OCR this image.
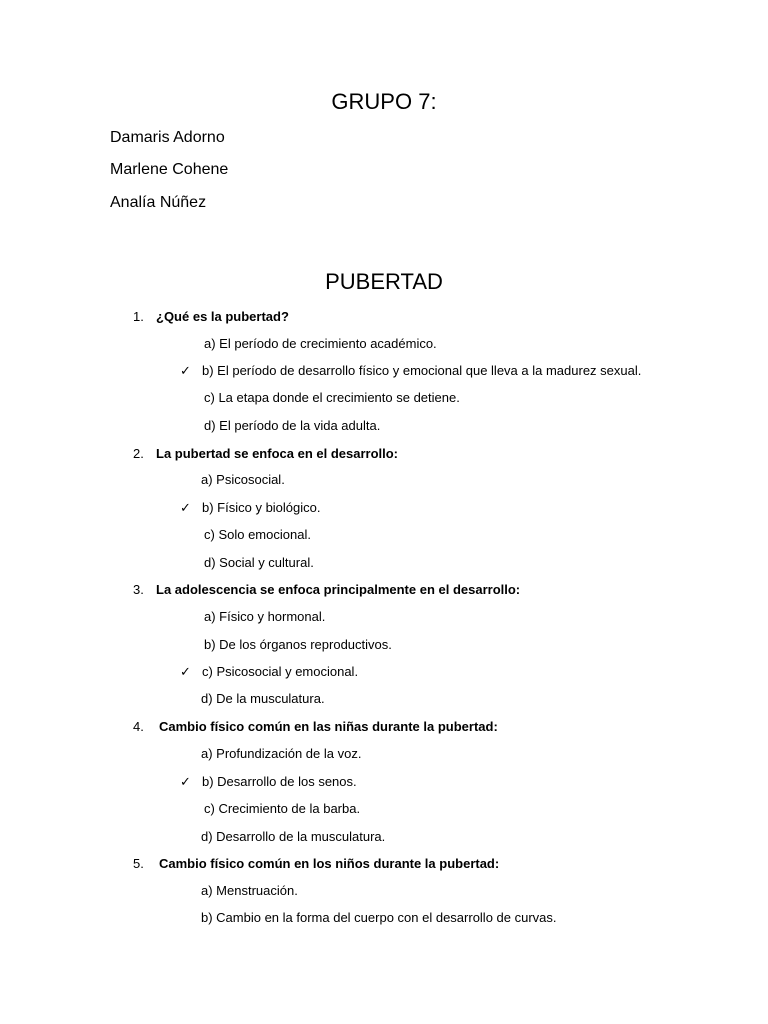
GRUPO 7:
Damaris Adorno
Marlene Cohene
Analía Núñez
PUBERTAD
1. ¿Qué es la pubertad?
a) El período de crecimiento académico.
✓ b) El período de desarrollo físico y emocional que lleva a la madurez sexual.
c) La etapa donde el crecimiento se detiene.
d) El período de la vida adulta.
2. La pubertad se enfoca en el desarrollo:
a) Psicosocial.
✓ b) Físico y biológico.
c) Solo emocional.
d) Social y cultural.
3. La adolescencia se enfoca principalmente en el desarrollo:
a) Físico y hormonal.
b) De los órganos reproductivos.
✓ c) Psicosocial y emocional.
d) De la musculatura.
4. Cambio físico común en las niñas durante la pubertad:
a) Profundización de la voz.
✓ b) Desarrollo de los senos.
c) Crecimiento de la barba.
d) Desarrollo de la musculatura.
5. Cambio físico común en los niños durante la pubertad:
a) Menstruación.
b) Cambio en la forma del cuerpo con el desarrollo de curvas.
